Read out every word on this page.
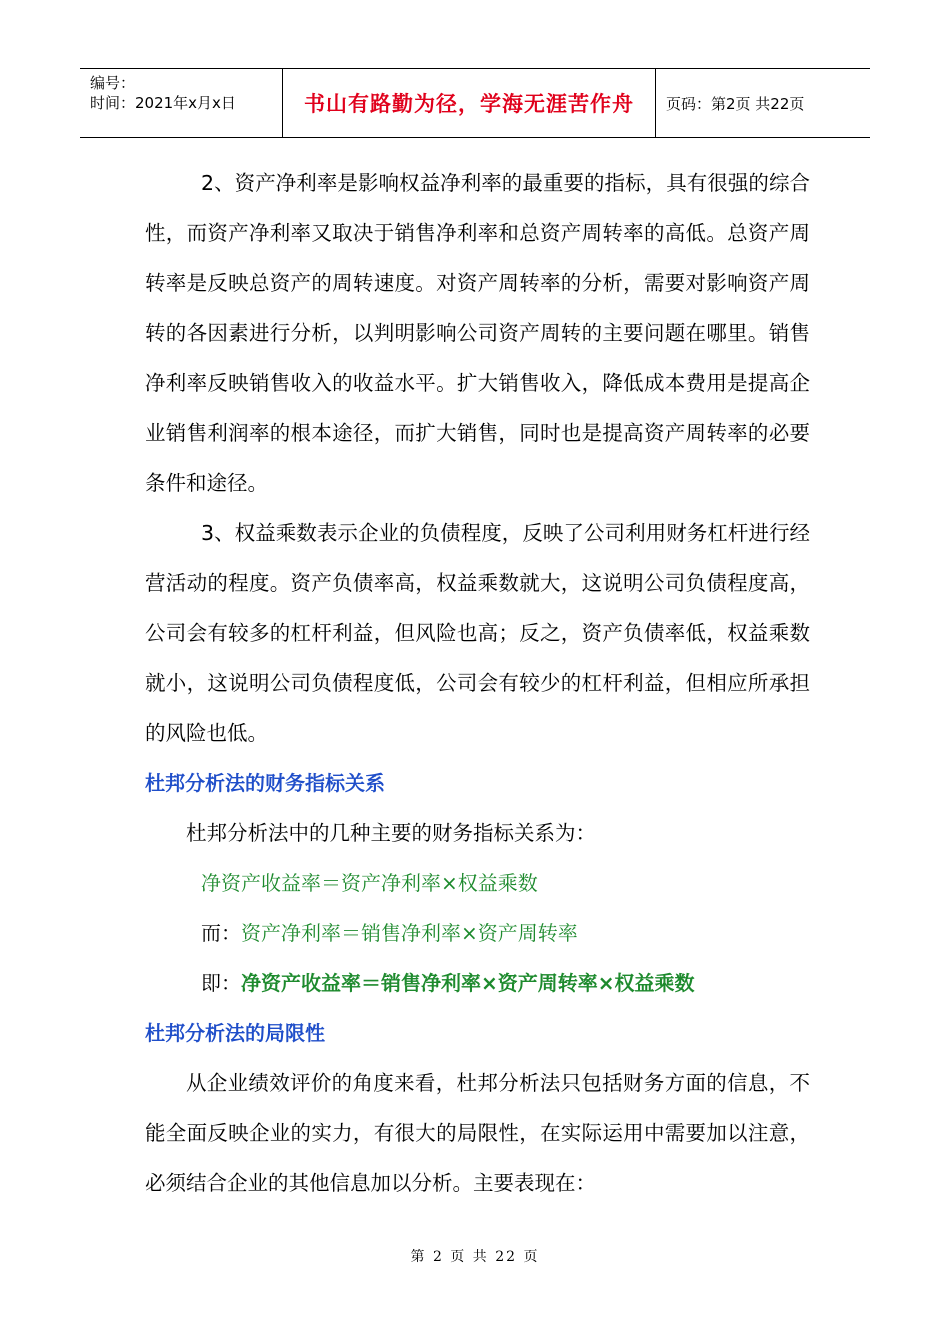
编号：
时间：2021年x月x日	书山有路勤为径，学海无涯苦作舟 页码：第2页 共22页

2、资产净利率是影响权益净利率的最重要的指标，具有很强的综合性，而资产净利率又取决于销售净利率和总资产周转率的高低。总资产周转率是反映总资产的周转速度。对资产周转率的分析，需要对影响资产周转的各因素进行分析，以判明影响公司资产周转的主要问题在哪里。销售净利率反映销售收入的收益水平。扩大销售收入，降低成本费用是提高企业销售利润率的根本途径，而扩大销售，同时也是提高资产周转率的必要条件和途径。

3、权益乘数表示企业的负债程度，反映了公司利用财务杠杆进行经营活动的程度。资产负债率高，权益乘数就大，这说明公司负债程度高，公司会有较多的杠杆利益，但风险也高；反之，资产负债率低，权益乘数就小，这说明公司负债程度低，公司会有较少的杠杆利益，但相应所承担的风险也低。

杜邦分析法的财务指标关系

杜邦分析法中的几种主要的财务指标关系为：

净资产收益率＝资产净利率×权益乘数

而：资产净利率＝销售净利率×资产周转率

即：净资产收益率＝销售净利率×资产周转率×权益乘数

杜邦分析法的局限性

从企业绩效评价的角度来看，杜邦分析法只包括财务方面的信息，不能全面反映企业的实力，有很大的局限性，在实际运用中需要加以注意，必须结合企业的其他信息加以分析。主要表现在：

第 2 页 共 22 页
